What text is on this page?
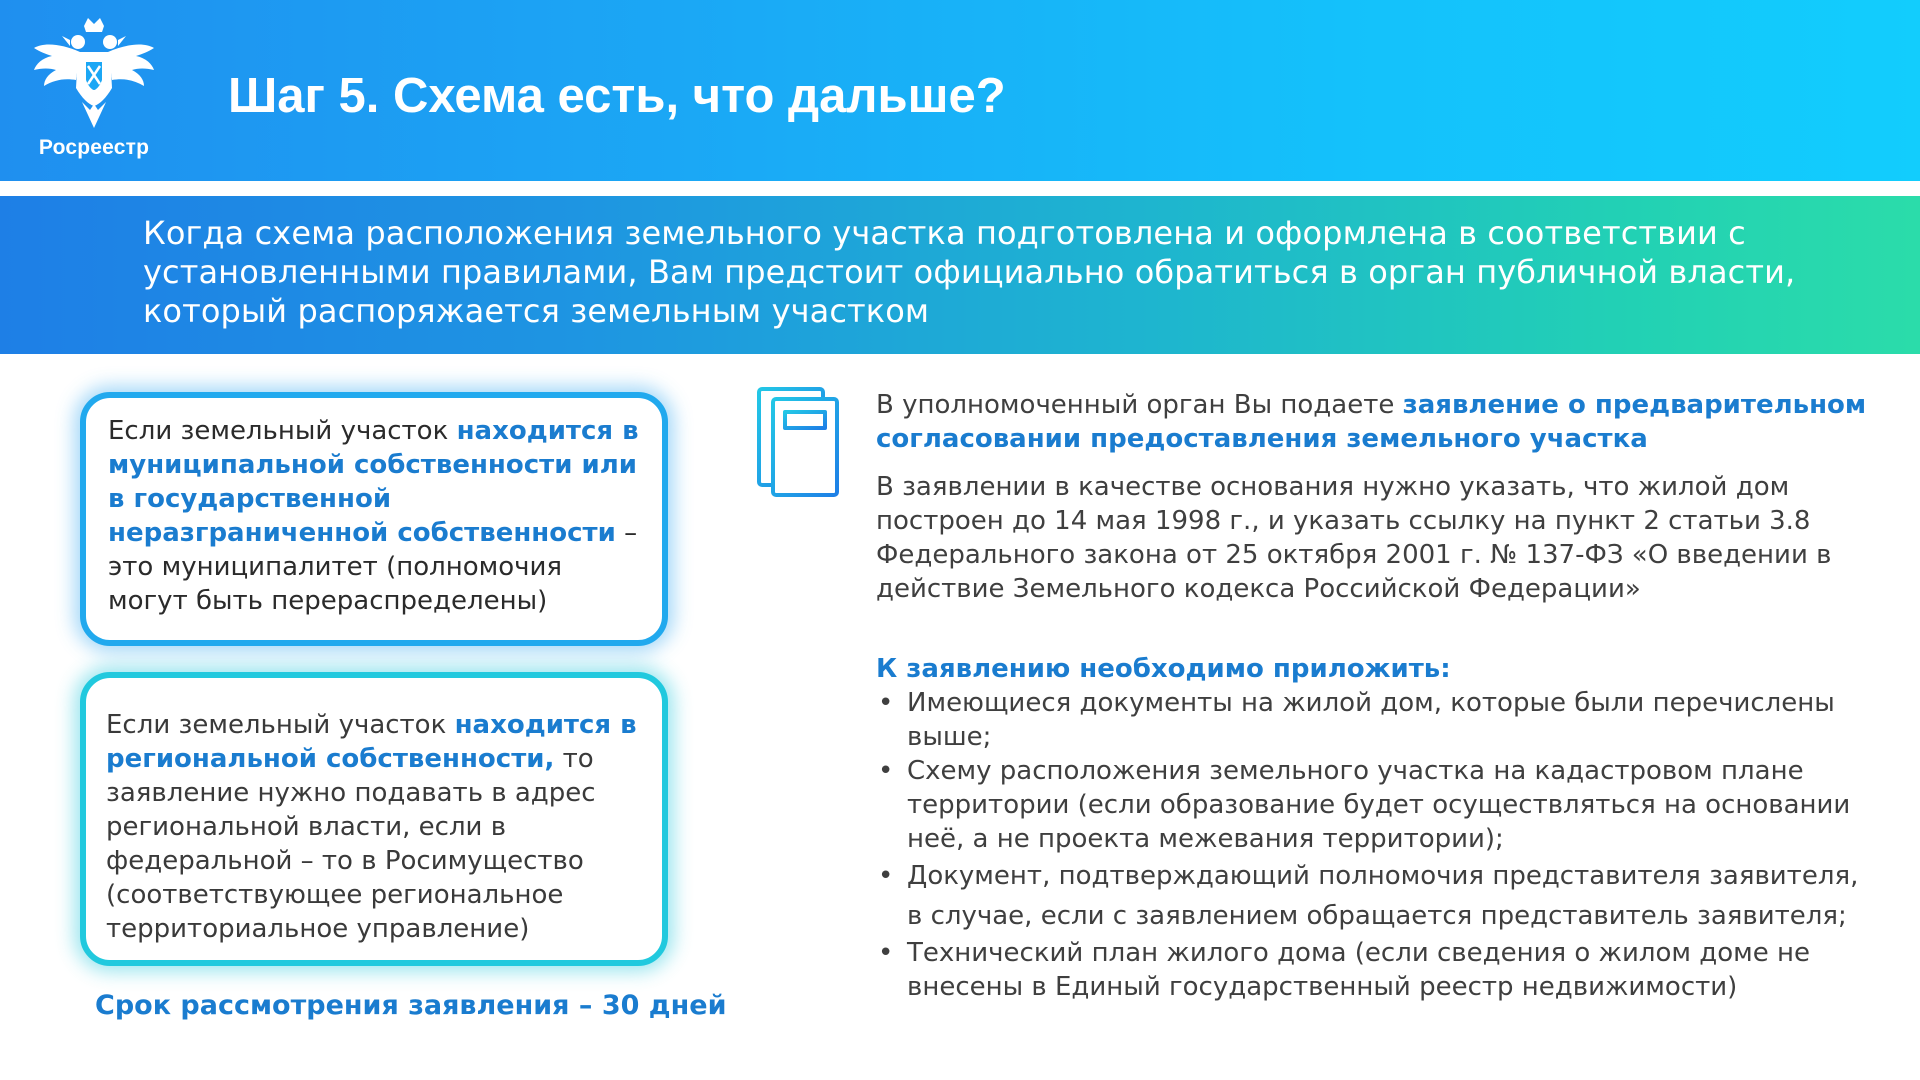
Росреестр
Шаг 5. Схема есть, что дальше?
Когда схема расположения земельного участка подготовлена и оформлена в соответствии с установленными правилами, Вам предстоит официально обратиться в орган публичной власти, который распоряжается земельным участком
Если земельный участок находится в муниципальной собственности или в государственной неразграниченной собственности – это муниципалитет (полномочия могут быть перераспределены)
Если земельный участок находится в региональной собственности, то заявление нужно подавать в адрес региональной власти, если в федеральной – то в Росимущество (соответствующее региональное территориальное управление)
Срок рассмотрения заявления – 30 дней

В уполномоченный орган Вы подаете заявление о предварительном согласовании предоставления земельного участка

В заявлении в качестве основания нужно указать, что жилой дом построен до 14 мая 1998 г., и указать ссылку на пункт 2 статьи 3.8 Федерального закона от 25 октября 2001 г. № 137-ФЗ «О введении в действие Земельного кодекса Российской Федерации»

К заявлению необходимо приложить:

• Имеющиеся документы на жилой дом, которые были перечислены выше;
• Схему расположения земельного участка на кадастровом плане территории (если образование будет осуществляться на основании неё, а не проекта межевания территории);
• Документ, подтверждающий полномочия представителя заявителя, в случае, если с заявлением обращается представитель заявителя;
• Технический план жилого дома (если сведения о жилом доме не внесены в Единый государственный реестр недвижимости)
